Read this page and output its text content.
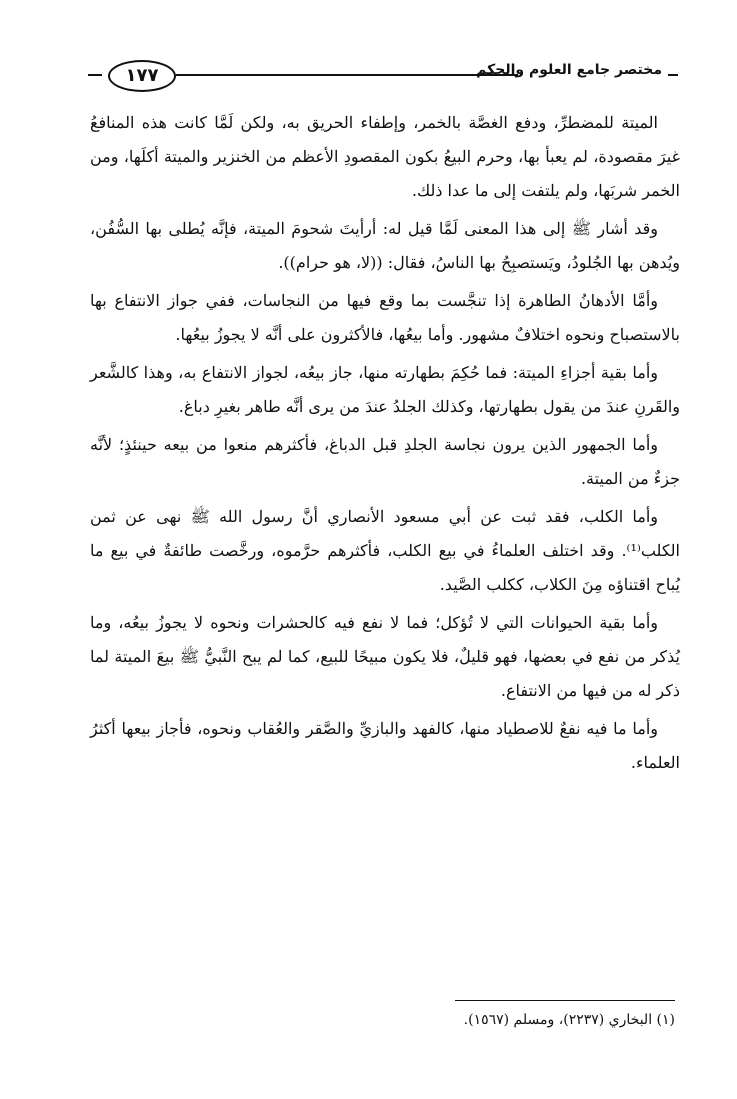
١٧٧	مختصر جامع العلوم والحكم

الميتة للمضطرِّ، ودفع الغصَّة بالخمر، وإطفاء الحريق به، ولكن لَمَّا كانت هذه المنافعُ غيرَ مقصودة، لم يعبأ بها، وحرم البيعُ بكون المقصودِ الأعظم من الخنزير والميتة أكلَها، ومن الخمر شربَها، ولم يلتفت إلى ما عدا ذلك.

وقد أشار ﷺ إلى هذا المعنى لَمَّا قيل له: أرأيتَ شحومَ الميتة، فإنَّه يُطلى بها السُّفُن، ويُدهن بها الجُلودُ، ويَستصبِحُ بها الناسُ، فقال: ((لا، هو حرام)).

وأمَّا الأدهانُ الطاهرة إذا تنجَّست بما وقع فيها من النجاسات، ففي جواز الانتفاع بها بالاستصباح ونحوه اختلافٌ مشهور. وأما بيعُها، فالأكثرون على أنَّه لا يجوزُ بيعُها.

وأما بقية أجزاءِ الميتة: فما حُكِمَ بطهارته منها، جاز بيعُه، لجواز الانتفاع به، وهذا كالشَّعر والقَرنِ عندَ من يقول بطهارتها، وكذلك الجلدُ عندَ من يرى أنَّه طاهر بغيرِ دباغ.

وأما الجمهور الذين يرون نجاسة الجلدِ قبل الدباغ، فأكثرهم منعوا من بيعه حينئذٍ؛ لأنَّه جزءٌ من الميتة.

وأما الكلب، فقد ثبت عن أبي مسعود الأنصاري أنَّ رسول الله ﷺ نهى عن ثمن الكلب⁽¹⁾. وقد اختلف العلماءُ في بيع الكلب، فأكثرهم حرَّموه، ورخَّصت طائفةٌ في بيع ما يُباح اقتناؤه مِنَ الكلاب، ككلب الصَّيد.

وأما بقية الحيوانات التي لا تُؤكل؛ فما لا نفع فيه كالحشرات ونحوه لا يجوزُ بيعُه، وما يُذكر من نفع في بعضها، فهو قليلٌ، فلا يكون مبيحًا للبيع، كما لم يبح النَّبيُّ ﷺ بيعَ الميتة لما ذكر له من فيها من الانتفاع.

وأما ما فيه نفعٌ للاصطياد منها، كالفهد والبازيِّ والصَّقر والعُقاب ونحوه، فأجاز بيعها أكثرُ العلماء.

(١) البخاري (٢٢٣٧)، ومسلم (١٥٦٧).
